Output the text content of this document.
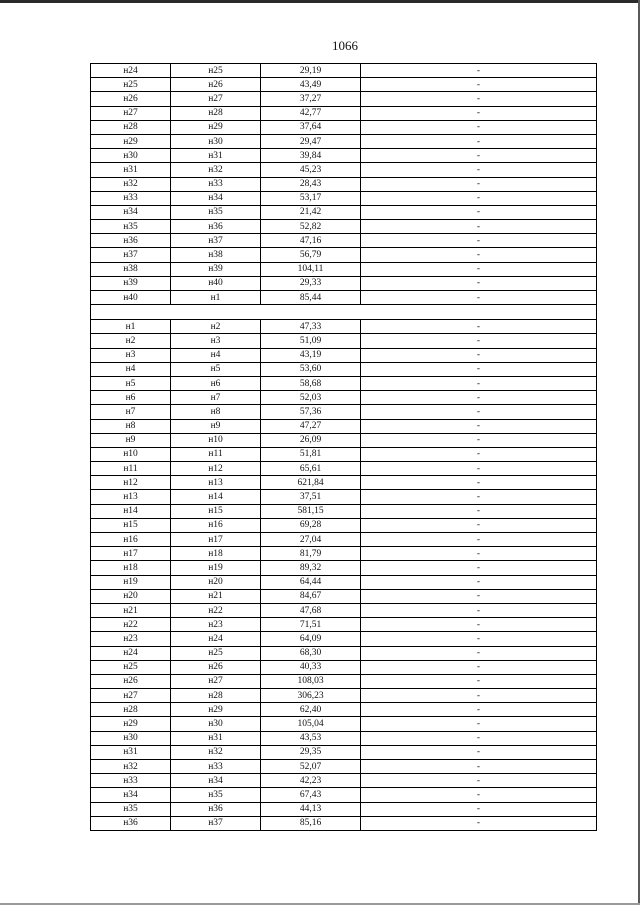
1066
н24	н25	29,19	-
н25	н26	43,49	-
н26	н27	37,27	-
н27	н28	42,77	-
н28	н29	37,64	-
н29	н30	29,47	-
н30	н31	39,84	-
н31	н32	45,23	-
н32	н33	28,43	-
н33	н34	53,17	-
н34	н35	21,42	-
н35	н36	52,82	-
н36	н37	47,16	-
н37	н38	56,79	-
н38	н39	104,11	-
н39	н40	29,33	-
н40	н1	85,44	-

н1	н2	47,33	-
н2	н3	51,09	-
н3	н4	43,19	-
н4	н5	53,60	-
н5	н6	58,68	-
н6	н7	52,03	-
н7	н8	57,36	-
н8	н9	47,27	-
н9	н10	26,09	-
н10	н11	51,81	-
н11	н12	65,61	-
н12	н13	621,84	-
н13	н14	37,51	-
н14	н15	581,15	-
н15	н16	69,28	-
н16	н17	27,04	-
н17	н18	81,79	-
н18	н19	89,32	-
н19	н20	64,44	-
н20	н21	84,67	-
н21	н22	47,68	-
н22	н23	71,51	-
н23	н24	64,09	-
н24	н25	68,30	-
н25	н26	40,33	-
н26	н27	108,03	-
н27	н28	306,23	-
н28	н29	62,40	-
н29	н30	105,04	-
н30	н31	43,53	-
н31	н32	29,35	-
н32	н33	52,07	-
н33	н34	42,23	-
н34	н35	67,43	-
н35	н36	44,13	-
н36	н37	85,16	-
